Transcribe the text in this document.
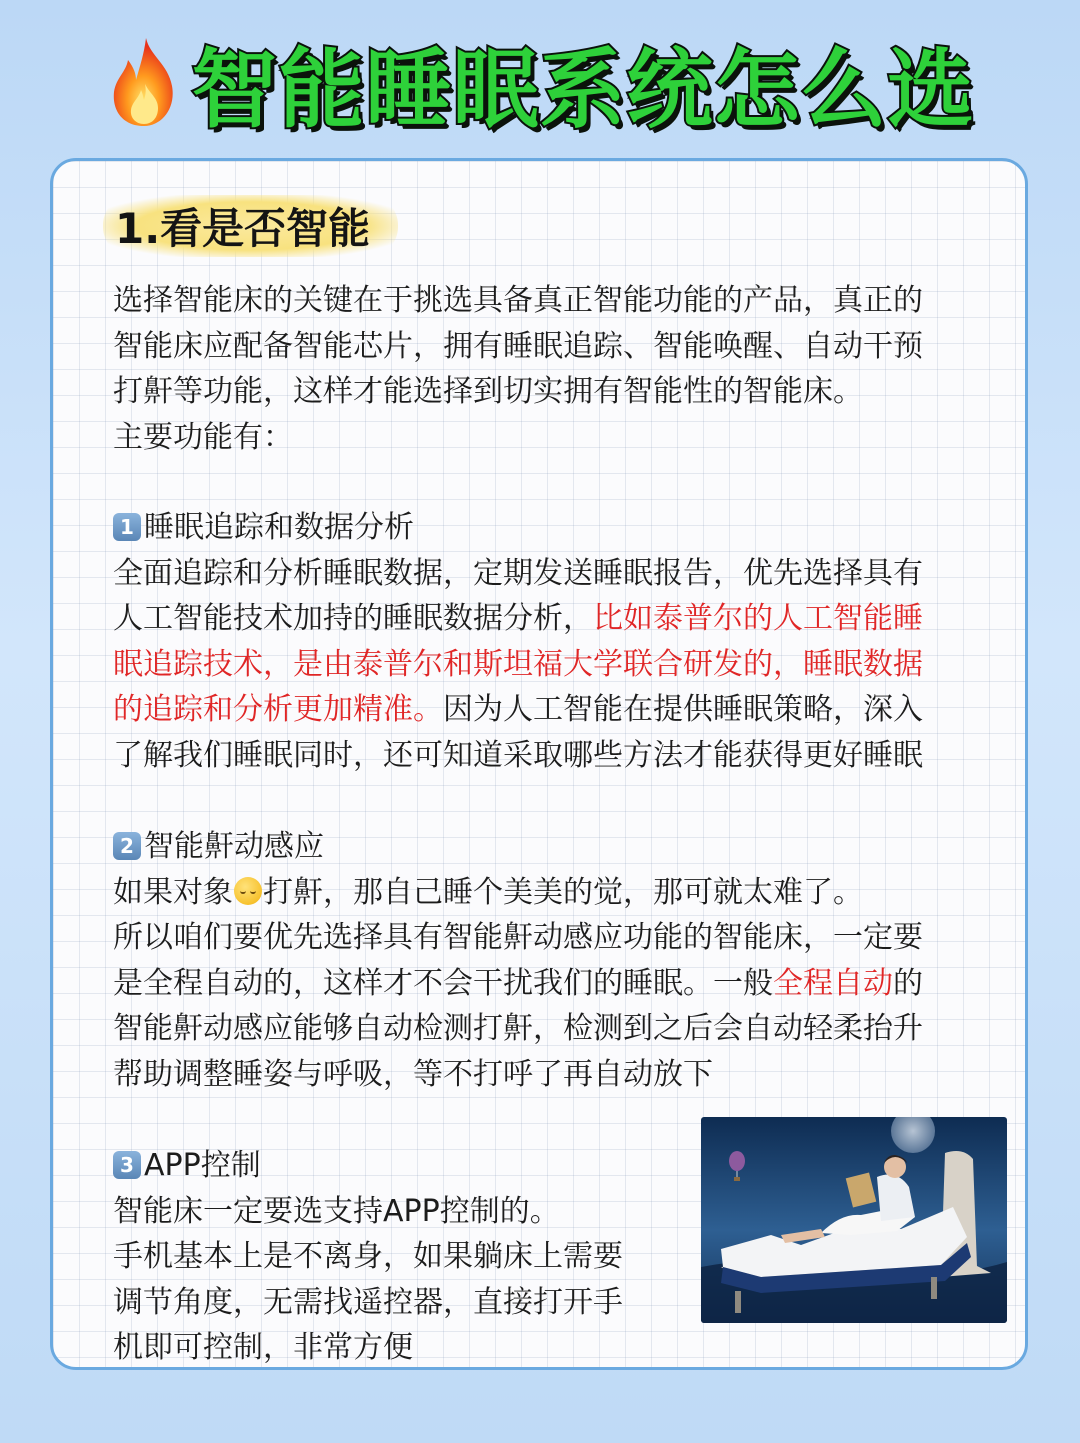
智能睡眠系统怎么选
1.看是否智能

选择智能床的关键在于挑选具备真正智能功能的产品，真正的

智能床应配备智能芯片，拥有睡眠追踪、智能唤醒、自动干预

打鼾等功能，这样才能选择到切实拥有智能性的智能床。

主要功能有：

1 睡眠追踪和数据分析

全面追踪和分析睡眠数据，定期发送睡眠报告，优先选择具有

人工智能技术加持的睡眠数据分析，比如泰普尔的人工智能睡

眠追踪技术，是由泰普尔和斯坦福大学联合研发的，睡眠数据

的追踪和分析更加精准。因为人工智能在提供睡眠策略，深入

了解我们睡眠同时，还可知道采取哪些方法才能获得更好睡眠

2 智能鼾动感应

如果对象 打鼾，那自己睡个美美的觉，那可就太难了。

所以咱们要优先选择具有智能鼾动感应功能的智能床，一定要

是全程自动的，这样才不会干扰我们的睡眠。一般全程自动的

智能鼾动感应能够自动检测打鼾，检测到之后会自动轻柔抬升

帮助调整睡姿与呼吸，等不打呼了再自动放下

3 APP控制

智能床一定要选支持APP控制的。

手机基本上是不离身，如果躺床上需要

调节角度，无需找遥控器，直接打开手

机即可控制，非常方便
